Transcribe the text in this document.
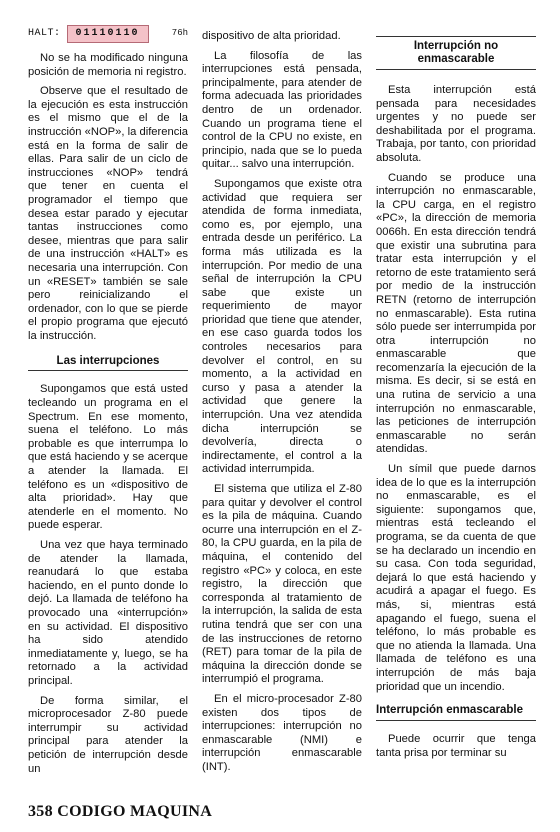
HALT:	01110110	76h

No se ha modificado ninguna posición de memoria ni registro.

Observe que el resultado de la ejecución es esta instrucción es el mismo que el de la instrucción «NOP», la diferencia está en la forma de salir de ellas. Para salir de un ciclo de instrucciones «NOP» tendrá que tener en cuenta el programador el tiempo que desea estar parado y ejecutar tantas instrucciones como desee, mientras que para salir de una instrucción «HALT» es necesaria una interrupción. Con un «RESET» también se sale pero reinicializando el ordenador, con lo que se pierde el propio programa que ejecutó la instrucción.

Las interrupciones

Supongamos que está usted tecleando un programa en el Spectrum. En ese momento, suena el teléfono. Lo más probable es que interrumpa lo que está haciendo y se acerque a atender la llamada. El teléfono es un «dispositivo de alta prioridad». Hay que atenderle en el momento. No puede esperar.

Una vez que haya terminado de atender la llamada, reanudará lo que estaba haciendo, en el punto donde lo dejó. La llamada de teléfono ha provocado una «interrupción» en su actividad. El dispositivo ha sido atendido inmediatamente y, luego, se ha retornado a la actividad principal.

De forma similar, el microprocesador Z-80 puede interrumpir su actividad principal para atender la petición de interrupción desde un

dispositivo de alta prioridad.

La filosofía de las interrupciones está pensada, principalmente, para atender de forma adecuada las prioridades dentro de un ordenador. Cuando un programa tiene el control de la CPU no existe, en principio, nada que se lo pueda quitar... salvo una interrupción.

Supongamos que existe otra actividad que requiera ser atendida de forma inmediata, como es, por ejemplo, una entrada desde un periférico. La forma más utilizada es la interrupción. Por medio de una señal de interrupción la CPU sabe que existe un requerimiento de mayor prioridad que tiene que atender, en ese caso guarda todos los controles necesarios para devolver el control, en su momento, a la actividad en curso y pasa a atender la actividad que genere la interrupción. Una vez atendida dicha interrupción se devolvería, directa o indirectamente, el control a la actividad interrumpida.

El sistema que utiliza el Z-80 para quitar y devolver el control es la pila de máquina. Cuando ocurre una interrupción en el Z-80, la CPU guarda, en la pila de máquina, el contenido del registro «PC» y coloca, en este registro, la dirección que corresponda al tratamiento de la interrupción, la salida de esta rutina tendrá que ser con una de las instrucciones de retorno (RET) para tomar de la pila de máquina la dirección donde se interrumpió el programa.

En el micro-procesador Z-80 existen dos tipos de interrupciones: interrupción no enmascarable (NMI) e interrupción enmascarable (INT).

Interrupción no enmascarable

Esta interrupción está pensada para necesidades urgentes y no puede ser deshabilitada por el programa. Trabaja, por tanto, con prioridad absoluta.

Cuando se produce una interrupción no enmascarable, la CPU carga, en el registro «PC», la dirección de memoria 0066h. En esta dirección tendrá que existir una subrutina para tratar esta interrupción y el retorno de este tratamiento será por medio de la instrucción RETN (retorno de interrupción no enmascarable). Esta rutina sólo puede ser interrumpida por otra interrupción no enmascarable que recomenzaría la ejecución de la misma. Es decir, si se está en una rutina de servicio a una interrupción no enmascarable, las peticiones de interrupción enmascarable no serán atendidas.

Un símil que puede darnos idea de lo que es la interrupción no enmascarable, es el siguiente: supongamos que, mientras está tecleando el programa, se da cuenta de que se ha declarado un incendio en su casa. Con toda seguridad, dejará lo que está haciendo y acudirá a apagar el fuego. Es más, si, mientras está apagando el fuego, suena el teléfono, lo más probable es que no atienda la llamada. Una llamada de teléfono es una interrupción de más baja prioridad que un incendio.

Interrupción enmascarable

Puede ocurrir que tenga tanta prisa por terminar su

358 CODIGO MAQUINA
